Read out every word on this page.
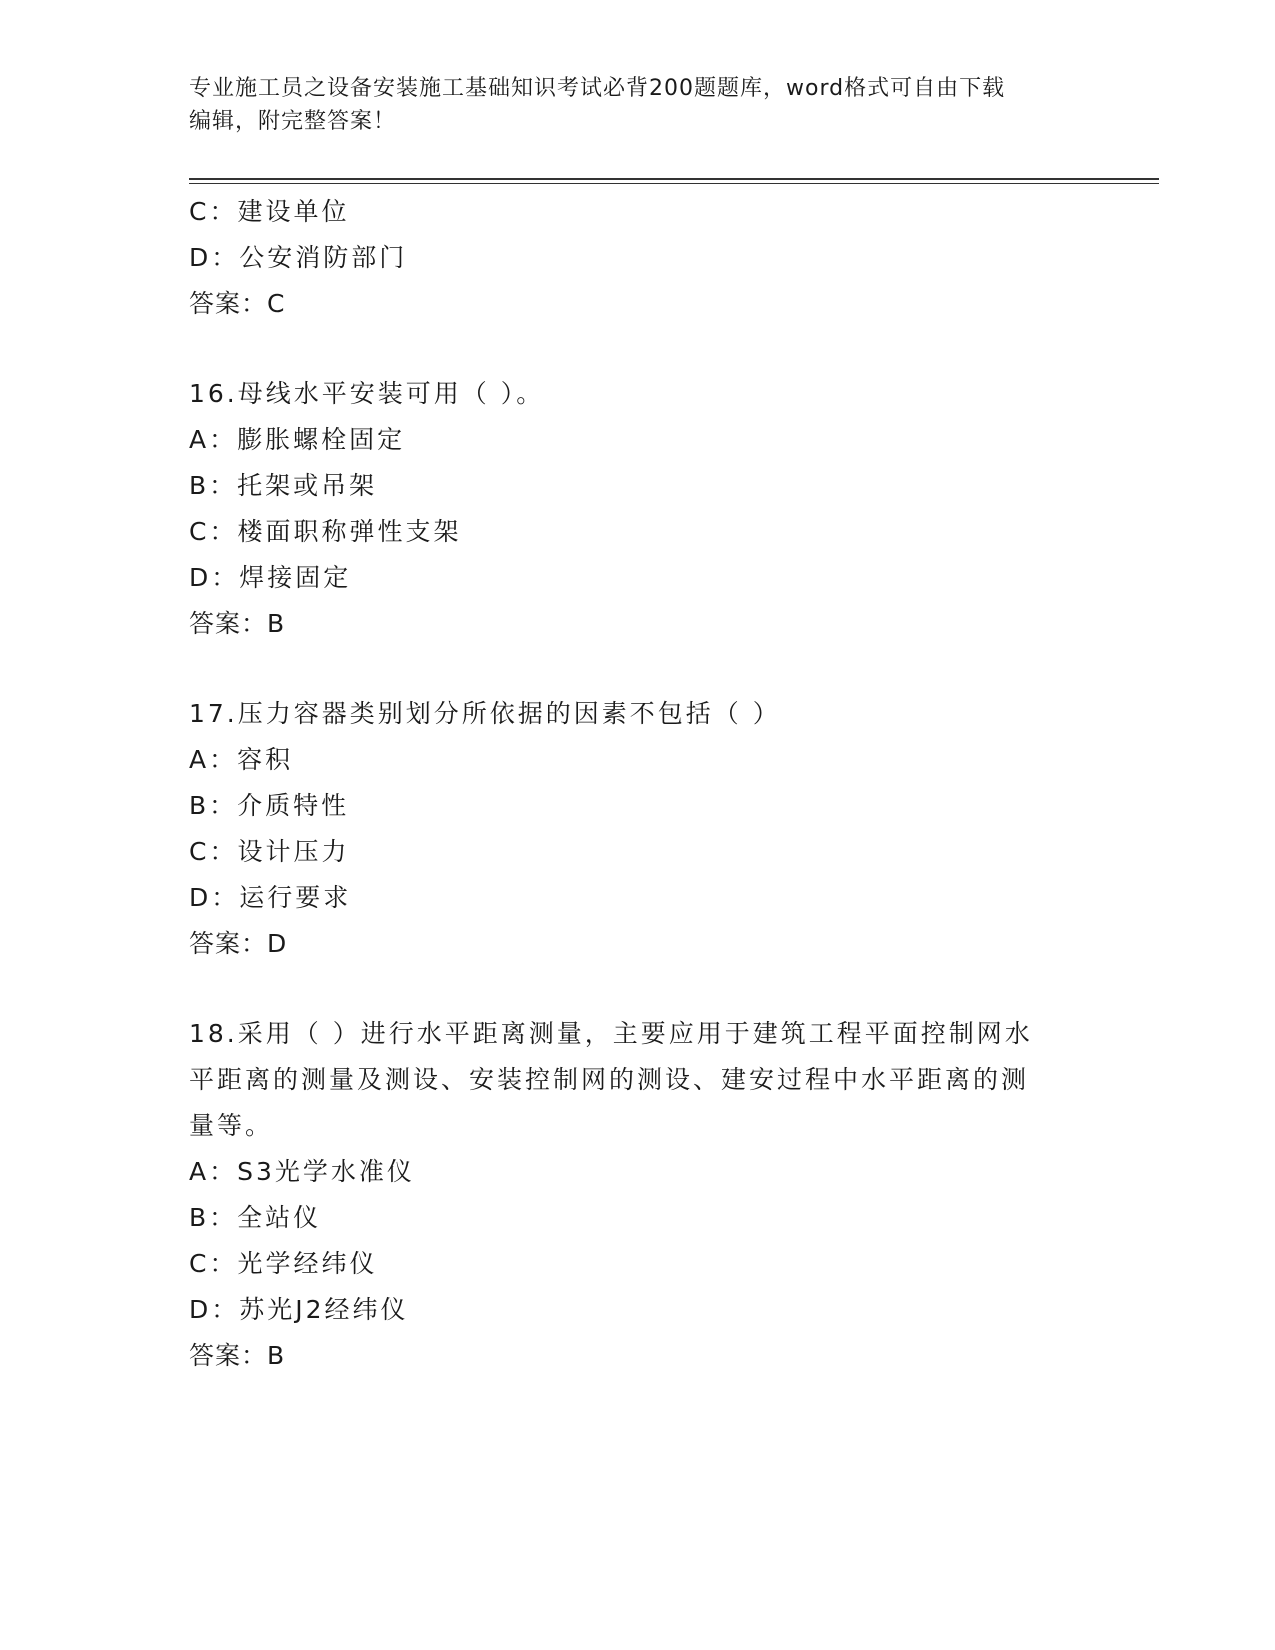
专业施工员之设备安装施工基础知识考试必背200题题库，word格式可自由下载
编辑，附完整答案！
C：建设单位
D：公安消防部门
答案：C
16.母线水平安装可用（ ）。
A：膨胀螺栓固定
B：托架或吊架
C：楼面职称弹性支架
D：焊接固定
答案：B
17.压力容器类别划分所依据的因素不包括（ ）
A：容积
B：介质特性
C：设计压力
D：运行要求
答案：D
18.采用（ ）进行水平距离测量，主要应用于建筑工程平面控制网水
平距离的测量及测设、安装控制网的测设、建安过程中水平距离的测
量等。
A：S3光学水准仪
B：全站仪
C：光学经纬仪
D：苏光J2经纬仪
答案：B
